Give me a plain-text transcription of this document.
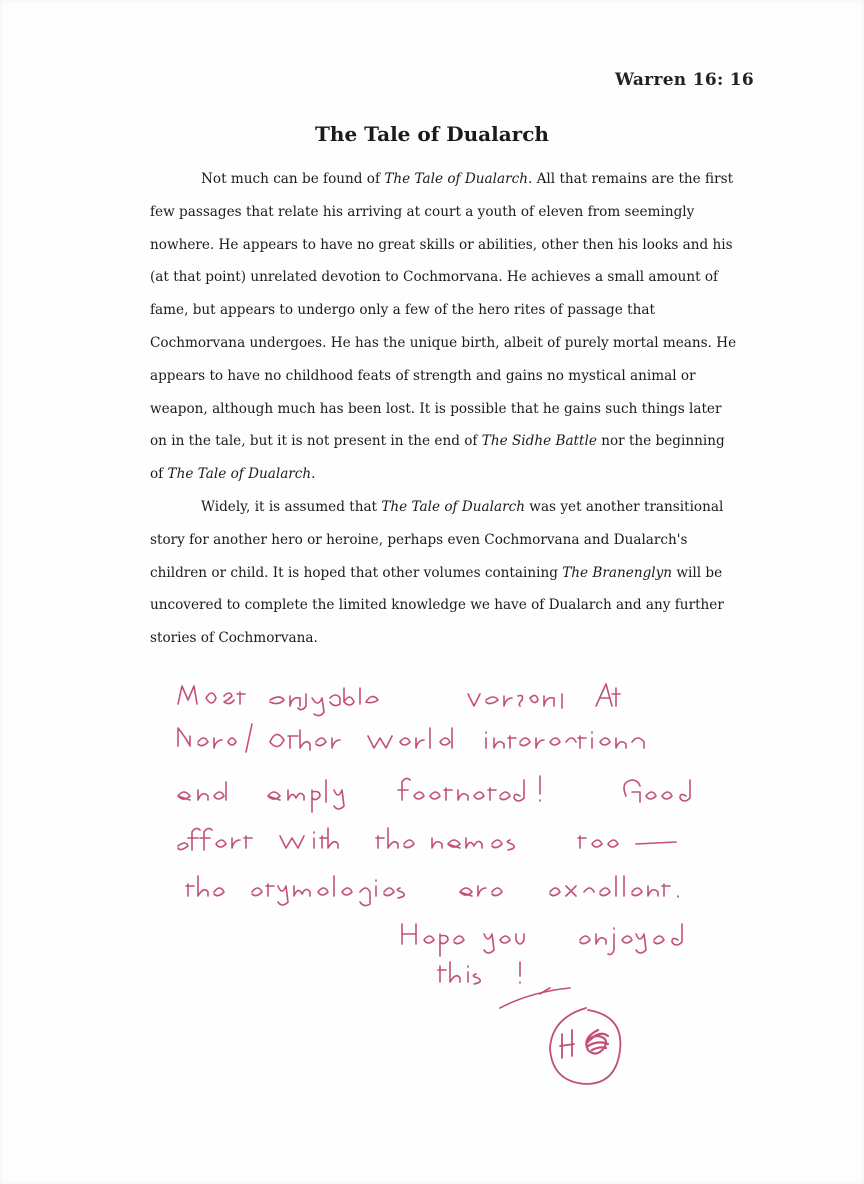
Warren 16: 16
The Tale of Dualarch
Not much can be found of The Tale of Dualarch. All that remains are the first
few passages that relate his arriving at court a youth of eleven from seemingly
nowhere. He appears to have no great skills or abilities, other then his looks and his
(at that point) unrelated devotion to Cochmorvana. He achieves a small amount of
fame, but appears to undergo only a few of the hero rites of passage that
Cochmorvana undergoes. He has the unique birth, albeit of purely mortal means. He
appears to have no childhood feats of strength and gains no mystical animal or
weapon, although much has been lost. It is possible that he gains such things later
on in the tale, but it is not present in the end of The Sidhe Battle nor the beginning
of The Tale of Dualarch.
Widely, it is assumed that The Tale of Dualarch was yet another transitional
story for another hero or heroine, perhaps even Cochmorvana and Dualarch's
children or child. It is hoped that other volumes containing The Branenglyn will be
uncovered to complete the limited knowledge we have of Dualarch and any further
stories of Cochmorvana.
